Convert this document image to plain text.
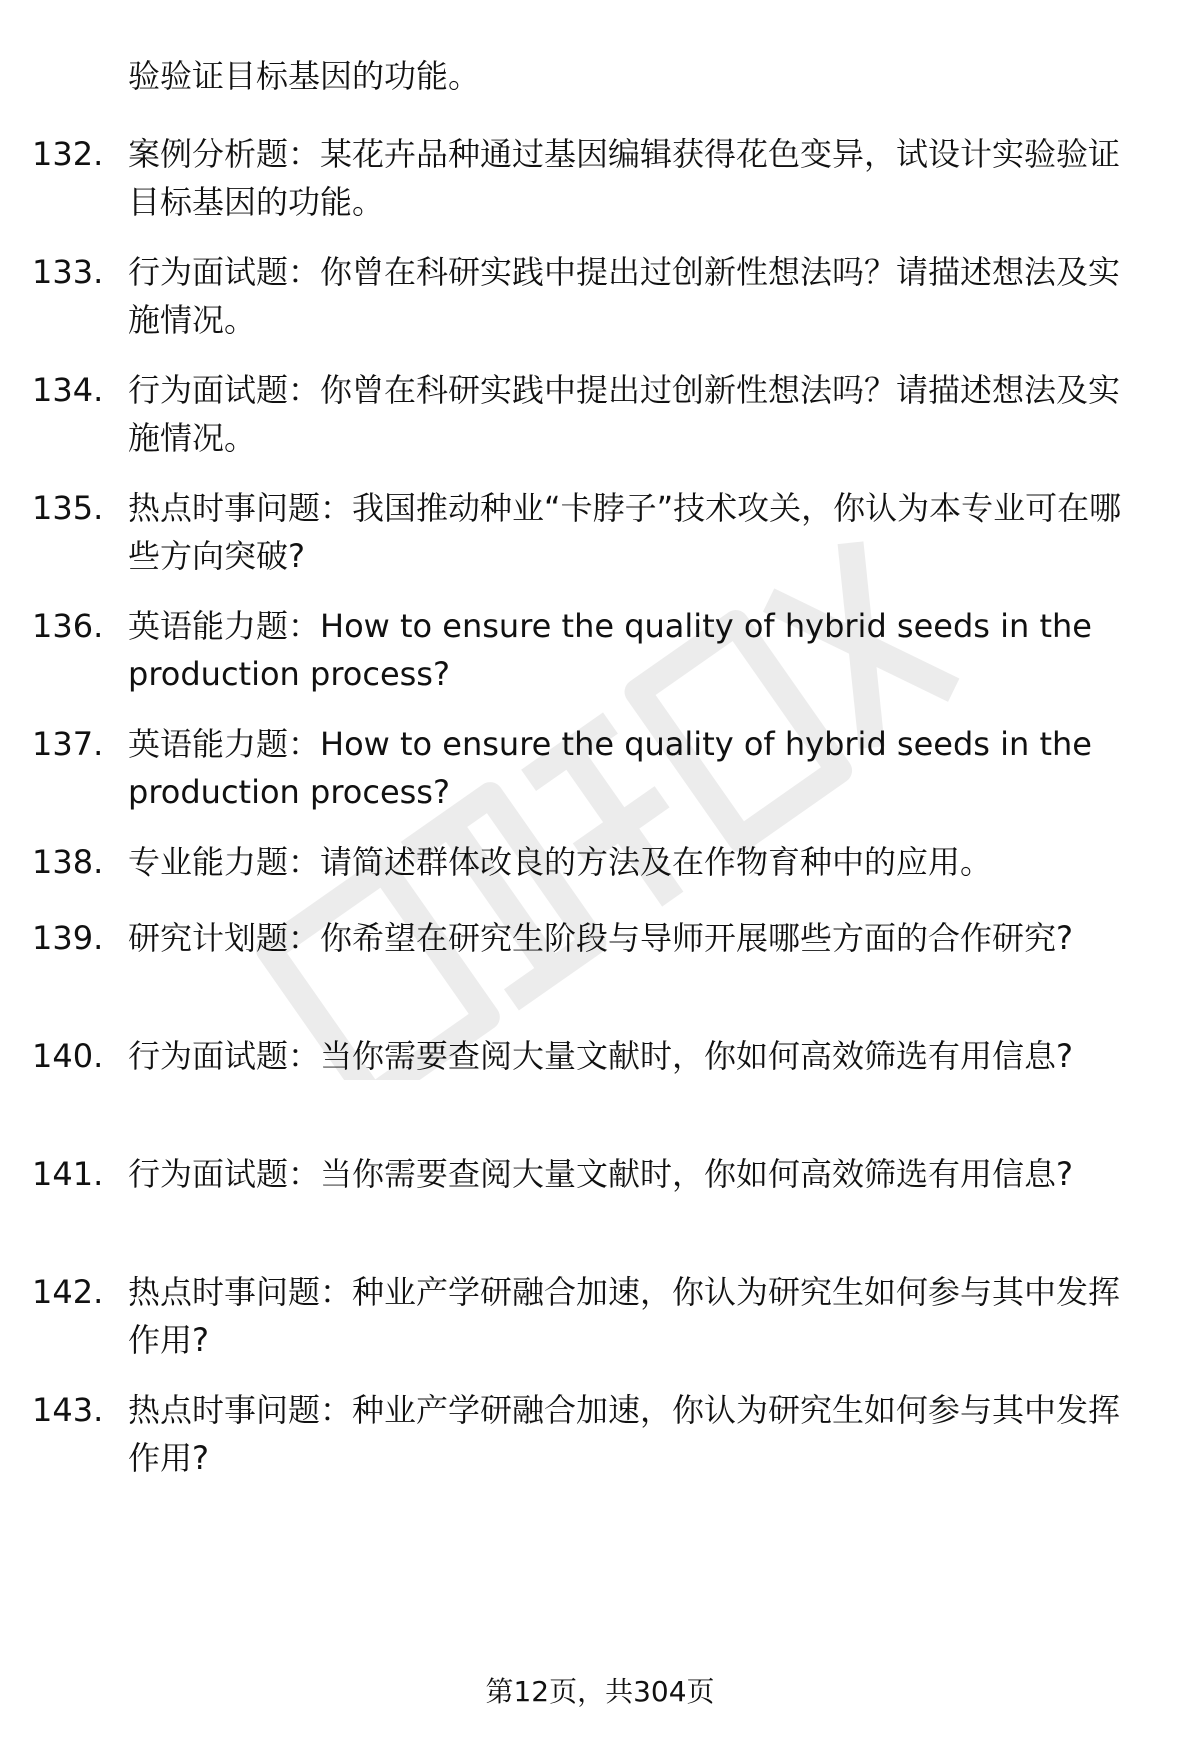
验验证目标基因的功能。
132. 案例分析题：某花卉品种通过基因编辑获得花色变异，试设计实验验证目标基因的功能。
133. 行为面试题：你曾在科研实践中提出过创新性想法吗？请描述想法及实施情况。
134. 行为面试题：你曾在科研实践中提出过创新性想法吗？请描述想法及实施情况。
135. 热点时事问题：我国推动种业“卡脖子”技术攻关，你认为本专业可在哪些方向突破?
136. 英语能力题：How to ensure the quality of hybrid seeds in the production process?
137. 英语能力题：How to ensure the quality of hybrid seeds in the production process?
138. 专业能力题：请简述群体改良的方法及在作物育种中的应用。
139. 研究计划题：你希望在研究生阶段与导师开展哪些方面的合作研究?
140. 行为面试题：当你需要查阅大量文献时，你如何高效筛选有用信息?
141. 行为面试题：当你需要查阅大量文献时，你如何高效筛选有用信息?
142. 热点时事问题：种业产学研融合加速，你认为研究生如何参与其中发挥作用?
143. 热点时事问题：种业产学研融合加速，你认为研究生如何参与其中发挥作用?
第12页，共304页
